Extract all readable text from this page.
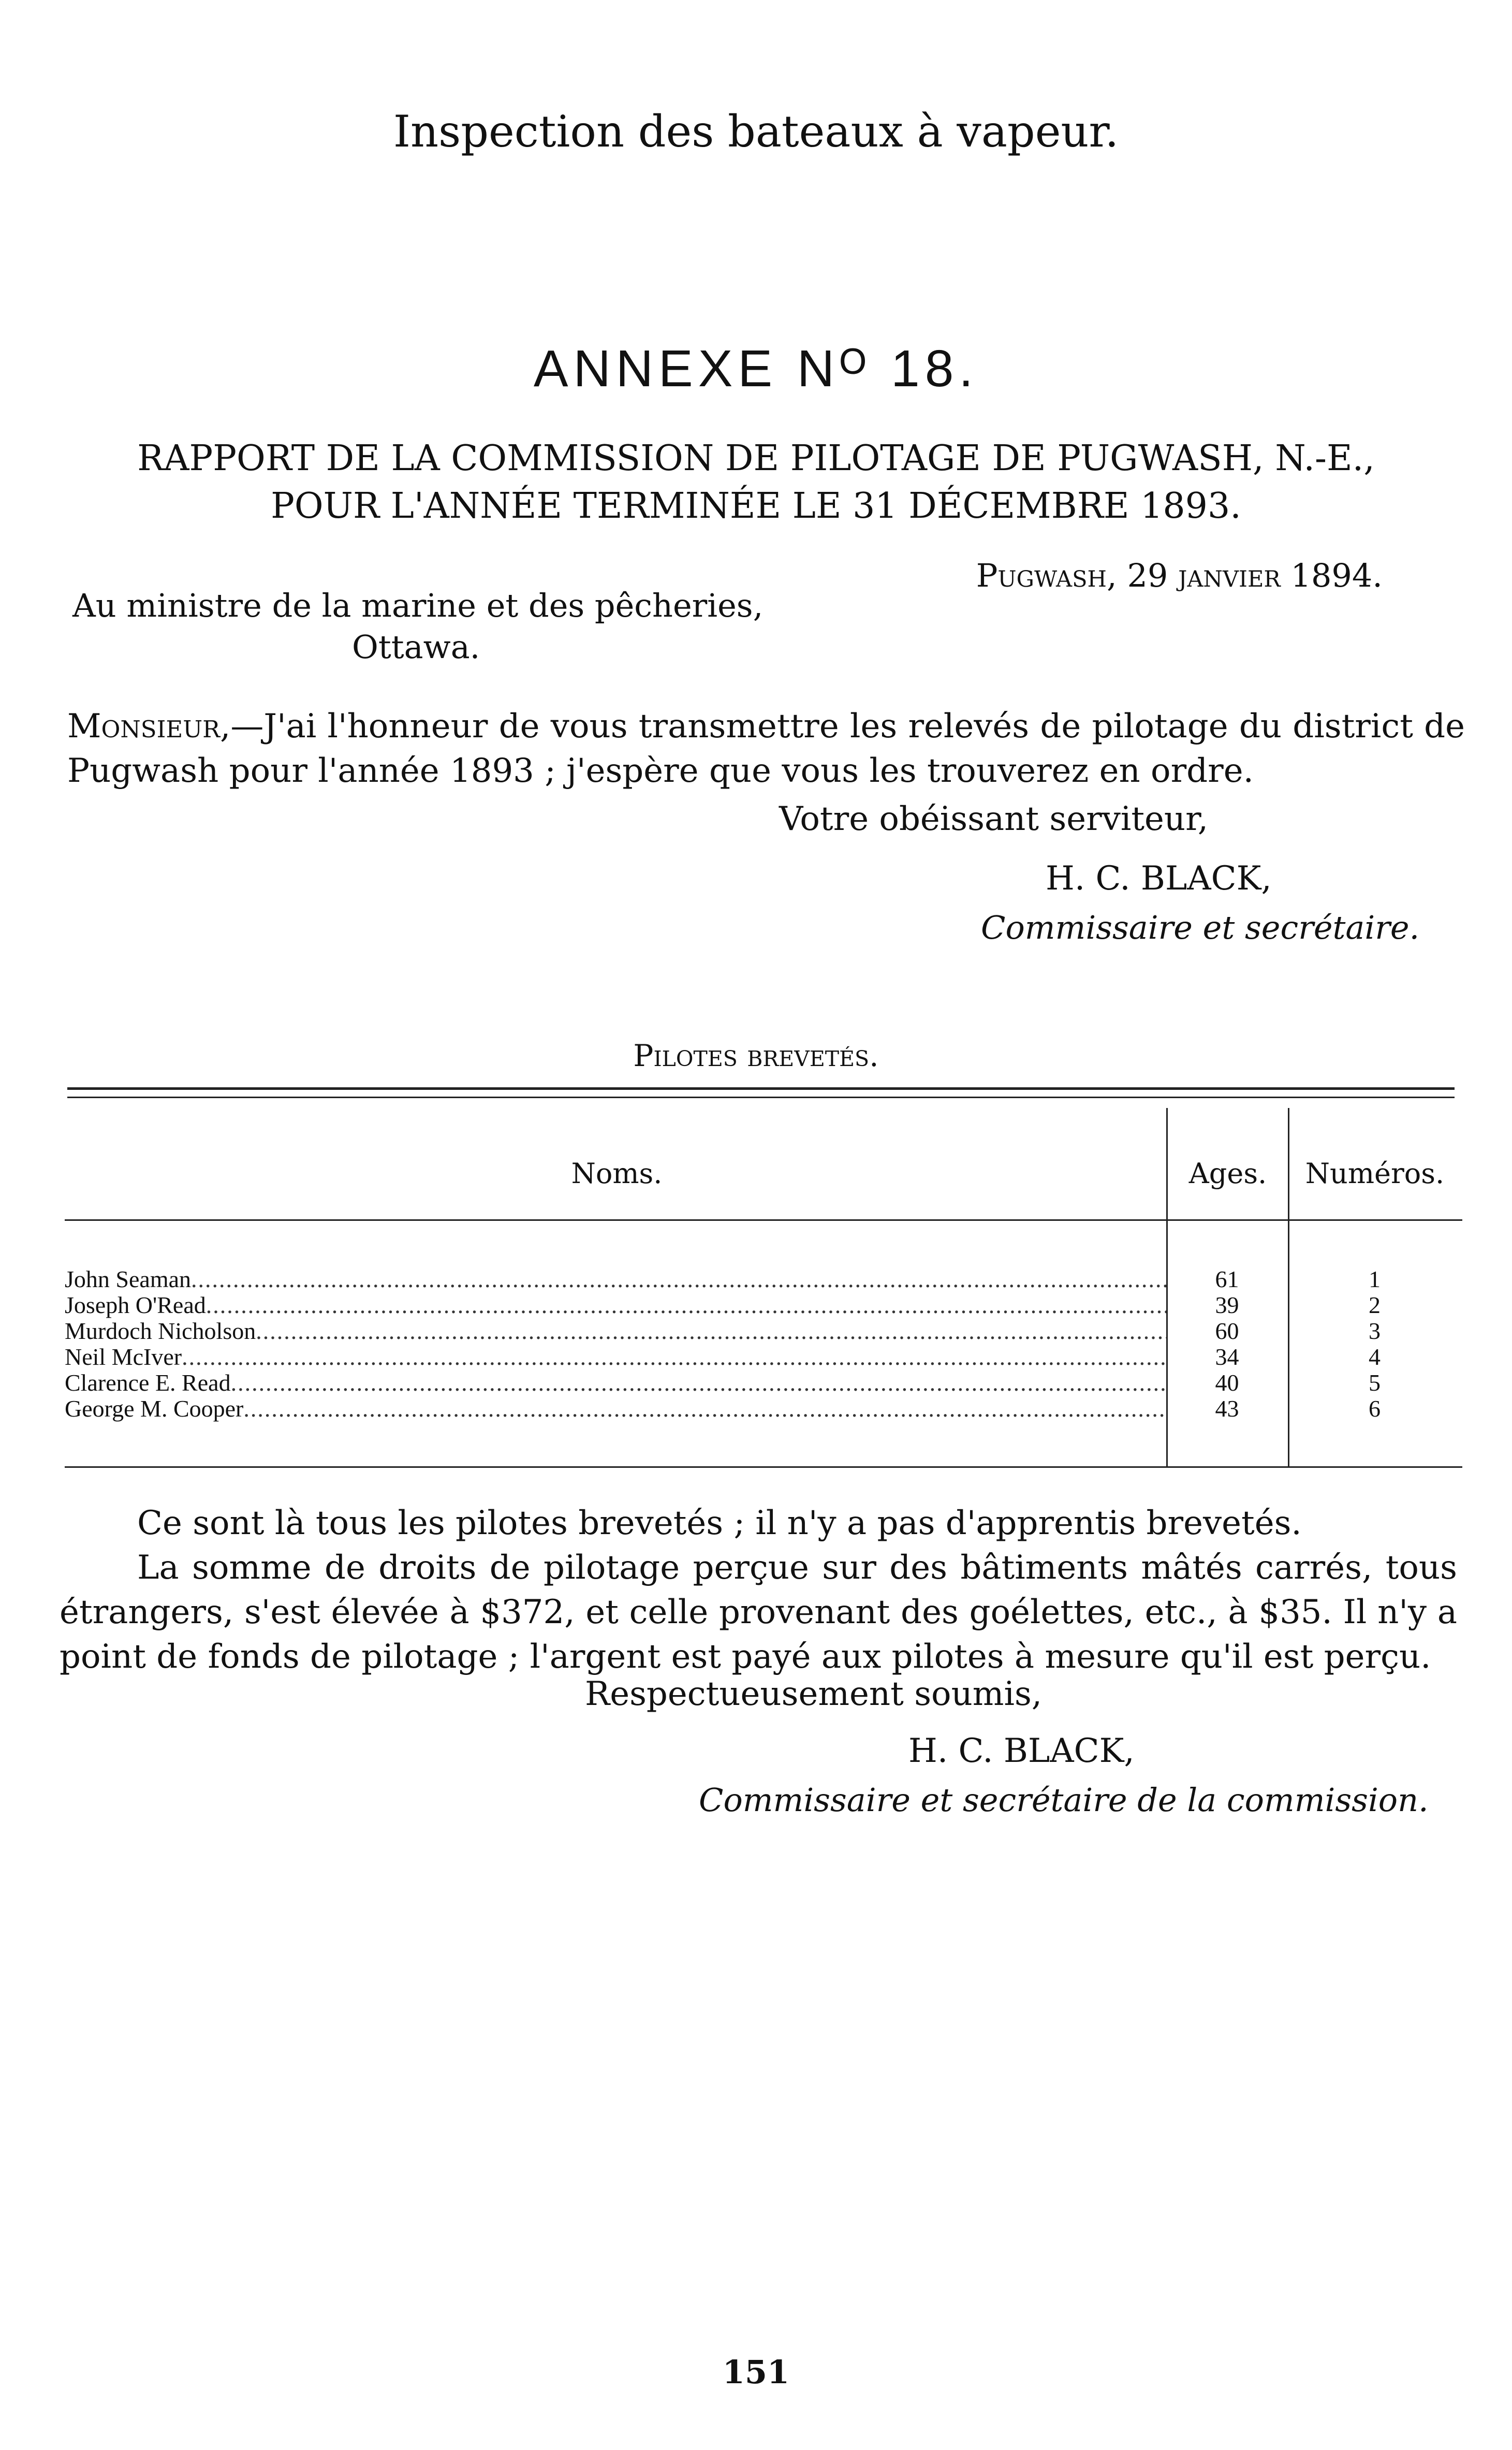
Inspection des bateaux à vapeur.
ANNEXE Nᴼ 18.
RAPPORT DE LA COMMISSION DE PILOTAGE DE PUGWASH, N.-E.,
POUR L'ANNÉE TERMINÉE LE 31 DÉCEMBRE 1893.
Pugwash, 29 janvier 1894.
Au ministre de la marine et des pêcheries,
Ottawa.
Monsieur,—J'ai l'honneur de vous transmettre les relevés de pilotage du district de Pugwash pour l'année 1893 ; j'espère que vous les trouverez en ordre.
Votre obéissant serviteur,
H. C. BLACK,
Commissaire et secrétaire.
Pilotes brevetés.
Noms.	Ages.	Numéros.
John Seaman .....	61	1
Joseph O'Read .....	39	2
Murdoch Nicholson .....	60	3
Neil McIver .....	34	4
Clarence E. Read .....	40	5
George M. Cooper .....	43	6
Ce sont là tous les pilotes brevetés ; il n'y a pas d'apprentis brevetés.
La somme de droits de pilotage perçue sur des bâtiments mâtés carrés, tous étrangers, s'est élevée à $372, et celle provenant des goélettes, etc., à $35. Il n'y a point de fonds de pilotage ; l'argent est payé aux pilotes à mesure qu'il est perçu.
Respectueusement soumis,
H. C. BLACK,
Commissaire et secrétaire de la commission.
151
